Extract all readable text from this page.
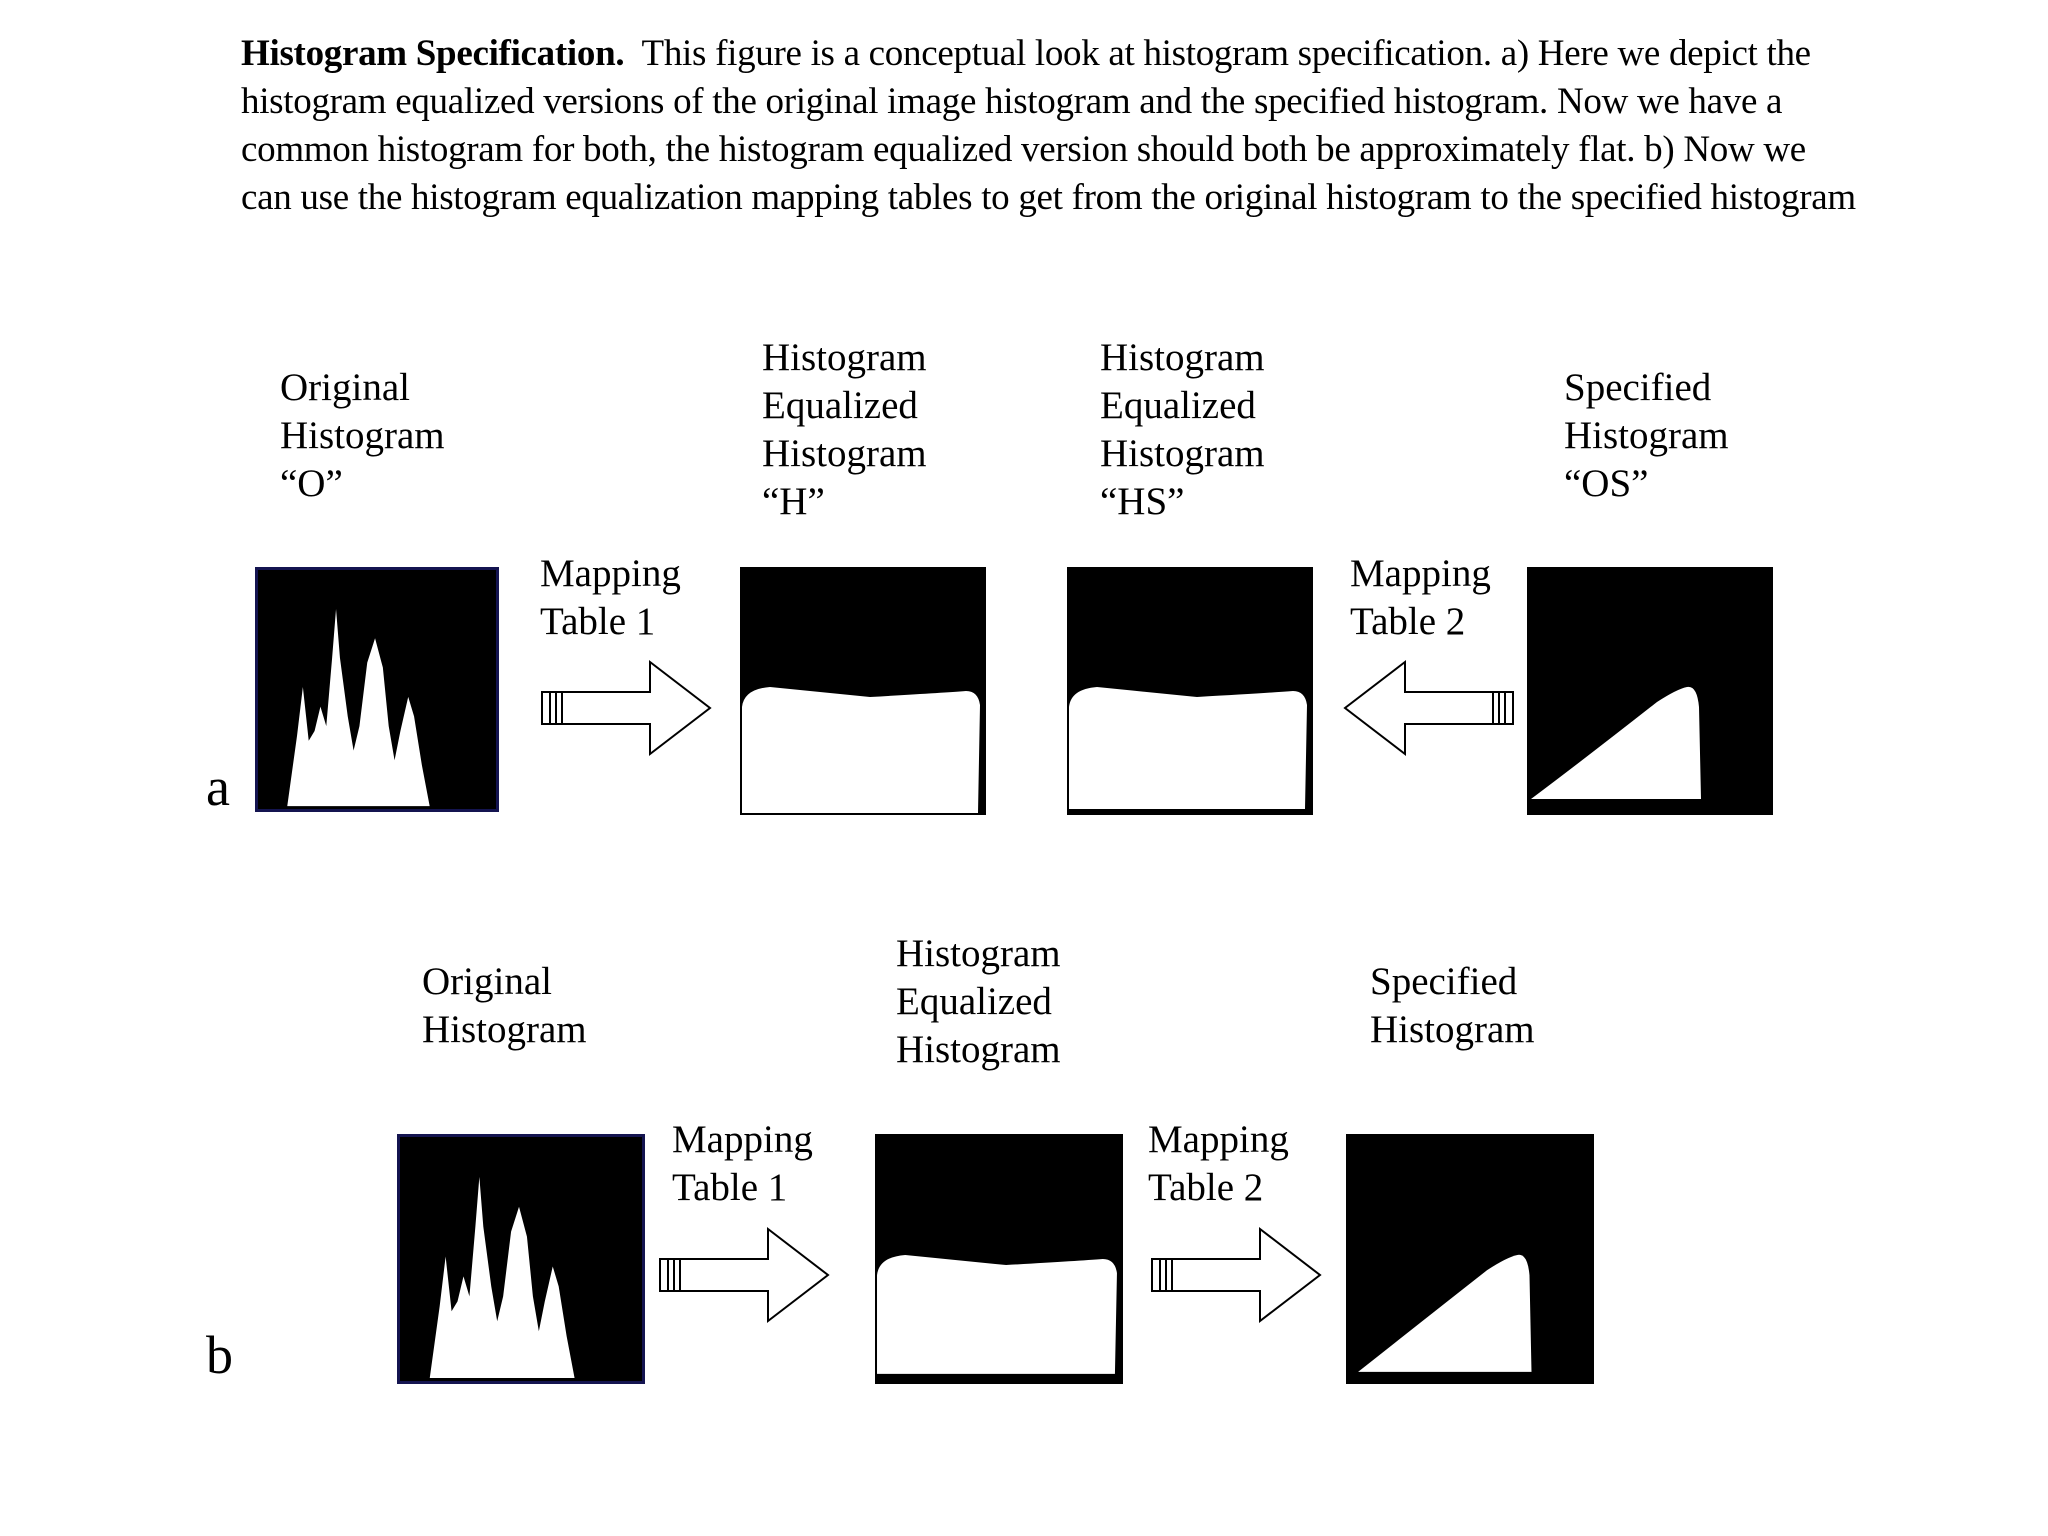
Histogram Specification. This figure is a conceptual look at histogram specification. a) Here we depict the histogram equalized versions of the original image histogram and the specified histogram. Now we have a common histogram for both, the histogram equalized version should both be approximately flat. b) Now we can use the histogram equalization mapping tables to get from the original histogram to the specified histogram
a
Original
Histogram
“O”
Histogram
Equalized
Histogram
“H”
Histogram
Equalized
Histogram
“HS”
Specified
Histogram
“OS”
Mapping
Table 1
Mapping
Table 2
b
Original
Histogram
Histogram
Equalized
Histogram
Specified
Histogram
Mapping
Table 1
Mapping
Table 2
